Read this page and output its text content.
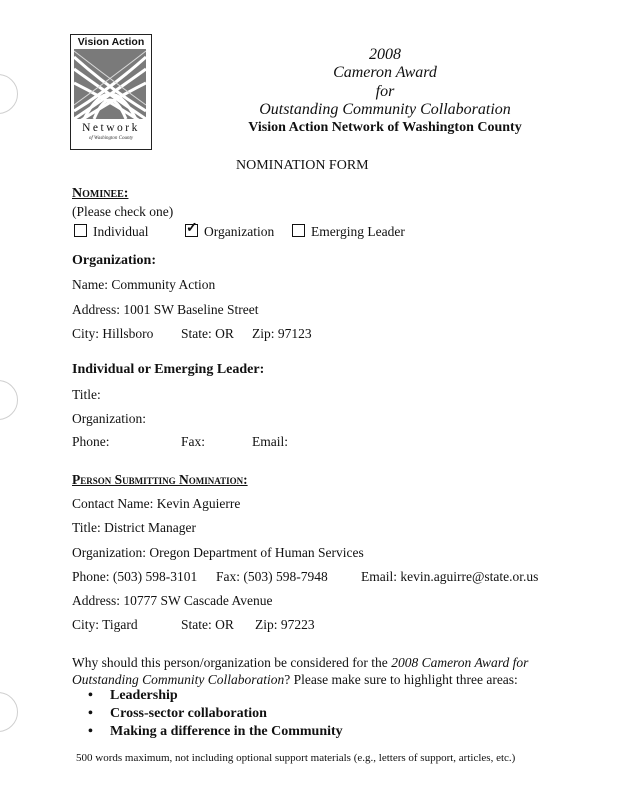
Vision Action
Network
of Washington County
2008
Cameron Award
for
Outstanding Community Collaboration
Vision Action Network of Washington County
NOMINATION FORM
Nominee:
(Please check one)
Individual
✓	Organization	Emerging Leader
Organization:
Name: Community Action
Address: 1001 SW Baseline Street
City: Hillsboro State: OR Zip: 97123
Individual or Emerging Leader:
Title:
Organization:
Phone:	Fax:	Email:
Person Submitting Nomination:
Contact Name: Kevin Aguierre
Title: District Manager
Organization: Oregon Department of Human Services
Phone: (503) 598-3101 Fax: (503) 598-7948 Email: kevin.aguirre@state.or.us
Address: 10777 SW Cascade Avenue
City: Tigard	State: OR Zip: 97223
Why should this person/organization be considered for the 2008 Cameron Award for
Outstanding Community Collaboration? Please make sure to highlight three areas:
• Leadership
• Cross-sector collaboration
• Making a difference in the Community
500 words maximum, not including optional support materials (e.g., letters of support, articles, etc.)
